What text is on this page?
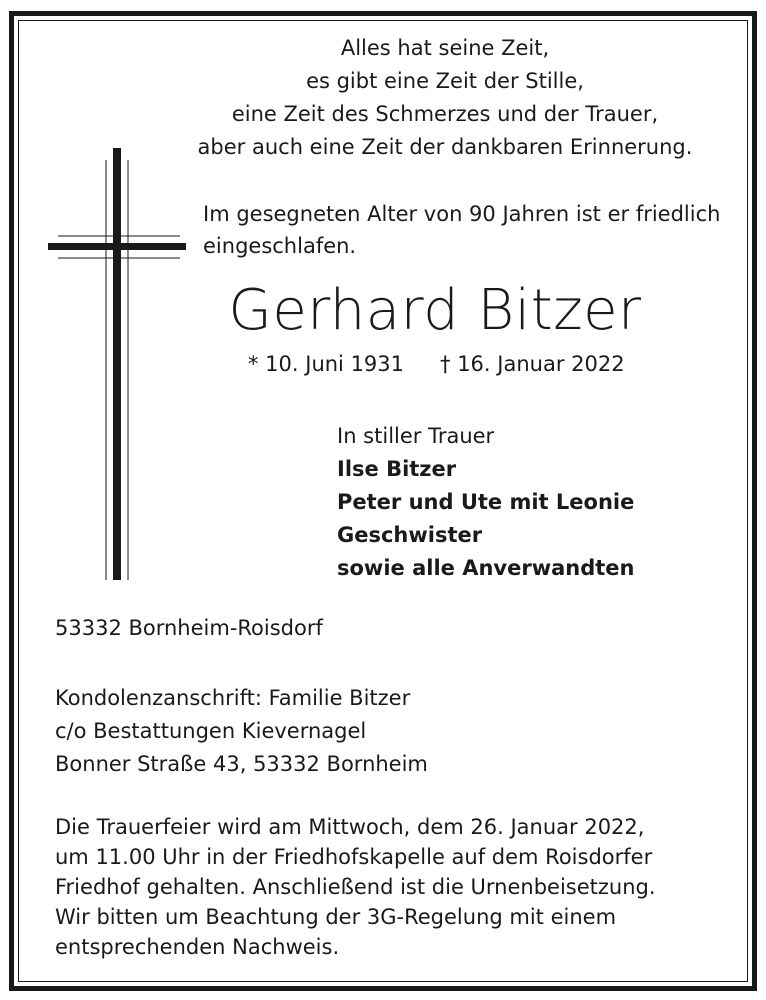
Alles hat seine Zeit,
es gibt eine Zeit der Stille,
eine Zeit des Schmerzes und der Trauer,
aber auch eine Zeit der dankbaren Erinnerung.
Im gesegneten Alter von 90 Jahren ist er friedlich
eingeschlafen.
Gerhard Bitzer
* 10. Juni 1931 † 16. Januar 2022
In stiller Trauer
Ilse Bitzer
Peter und Ute mit Leonie
Geschwister
sowie alle Anverwandten
53332 Bornheim-Roisdorf
Kondolenzanschrift: Familie Bitzer
c/o Bestattungen Kievernagel
Bonner Straße 43, 53332 Bornheim
Die Trauerfeier wird am Mittwoch, dem 26. Januar 2022,
um 11.00 Uhr in der Friedhofskapelle auf dem Roisdorfer
Friedhof gehalten. Anschließend ist die Urnenbeisetzung.
Wir bitten um Beachtung der 3G-Regelung mit einem
entsprechenden Nachweis.
